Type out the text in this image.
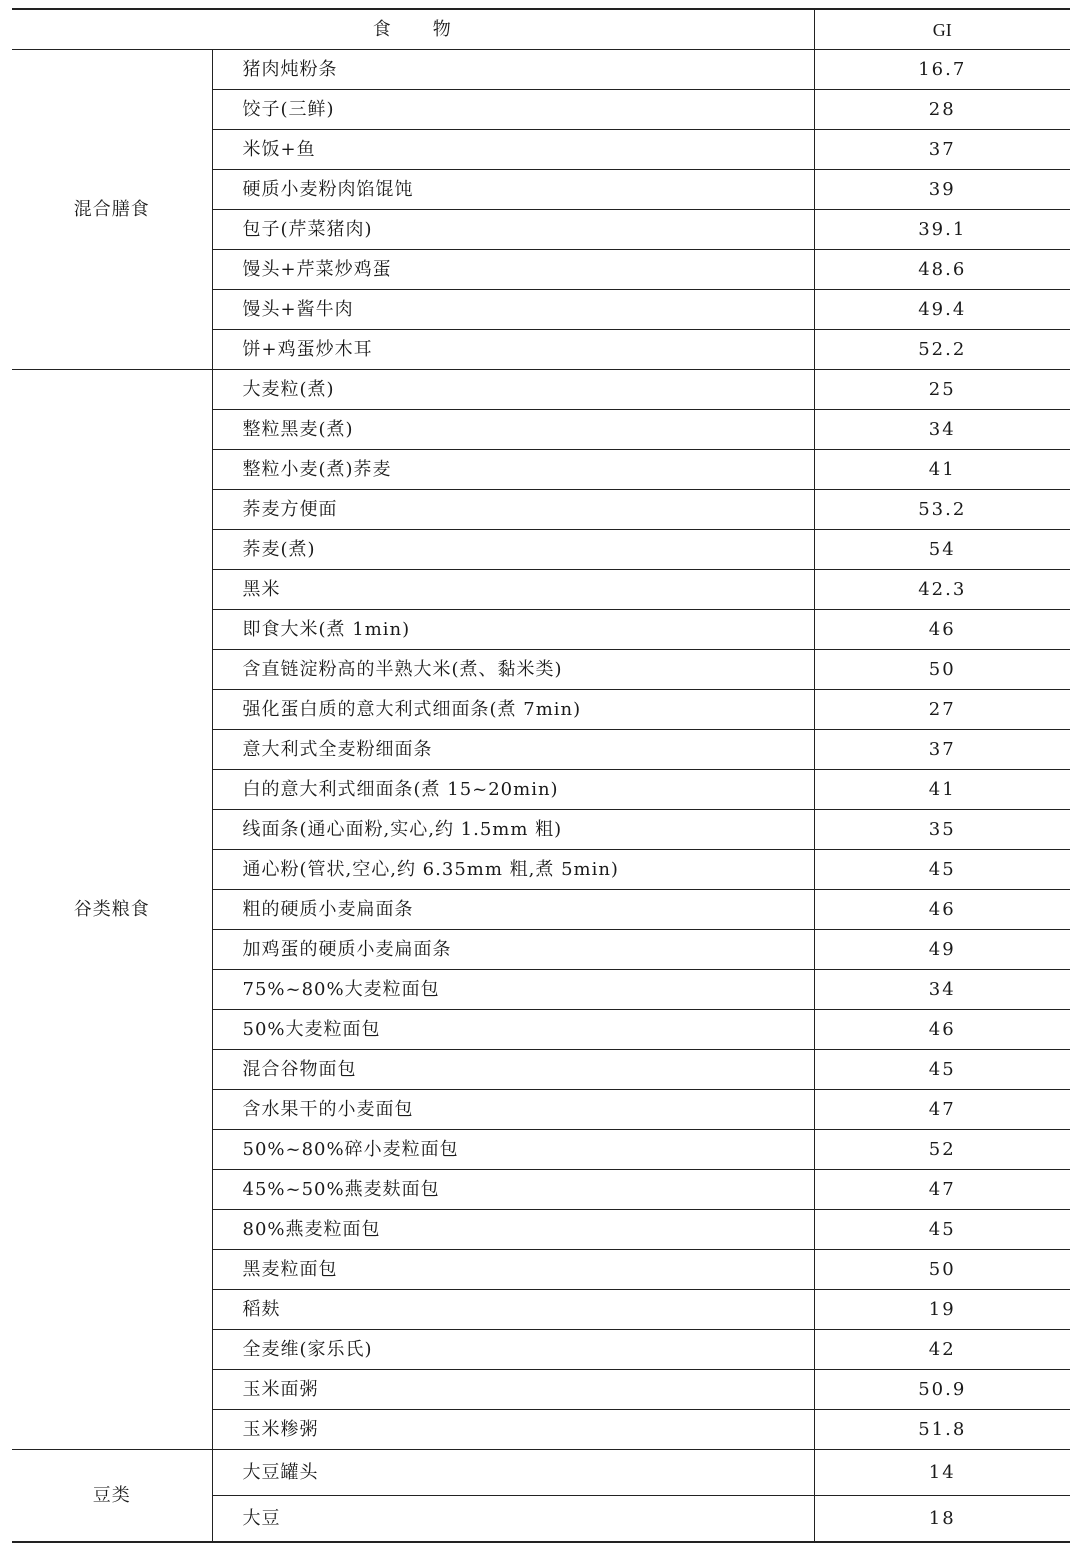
食　　物		GI
混合膳食	猪肉炖粉条	16.7
	饺子(三鲜)	28
	米饭+鱼	37
	硬质小麦粉肉馅馄饨	39
	包子(芹菜猪肉)	39.1
	馒头+芹菜炒鸡蛋	48.6
	馒头+酱牛肉	49.4
	饼+鸡蛋炒木耳	52.2
谷类粮食	大麦粒(煮)	25
	整粒黑麦(煮)	34
	整粒小麦(煮)荞麦	41
	荞麦方便面	53.2
	荞麦(煮)	54
	黑米	42.3
	即食大米(煮 1min)	46
	含直链淀粉高的半熟大米(煮、黏米类)	50
	强化蛋白质的意大利式细面条(煮 7min)	27
	意大利式全麦粉细面条	37
	白的意大利式细面条(煮 15~20min)	41
	线面条(通心面粉,实心,约 1.5mm 粗)	35
	通心粉(管状,空心,约 6.35mm 粗,煮 5min)	45
	粗的硬质小麦扁面条	46
	加鸡蛋的硬质小麦扁面条	49
	75%~80%大麦粒面包	34
	50%大麦粒面包	46
	混合谷物面包	45
	含水果干的小麦面包	47
	50%~80%碎小麦粒面包	52
	45%~50%燕麦麸面包	47
	80%燕麦粒面包	45
	黑麦粒面包	50
	稻麸	19
	全麦维(家乐氏)	42
	玉米面粥	50.9
	玉米糁粥	51.8
豆类	大豆罐头	14
	大豆	18
